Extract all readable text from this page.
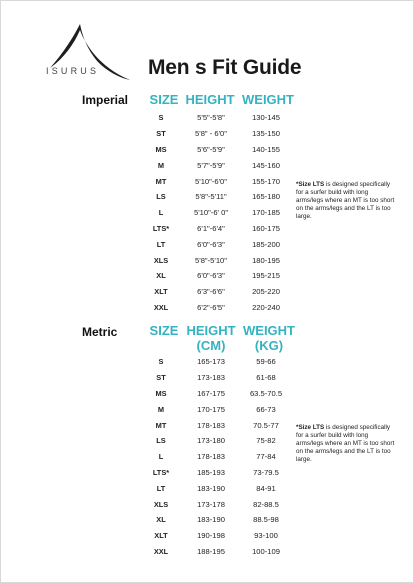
ISURUS Men s Fit Guide
Imperial SIZE HEIGHT WEIGHT
S	5'5"-5'8"	130-145
ST	5'8" - 6'0"	135-150
MS	5'6"-5'9"	140-155
M	5'7"-5'9"	145-160
MT	5'10"-6'0"	155-170
LS	5'8"-5'11"	165-180
L	5'10"-6' 0"	170-185
LTS*	6'1"-6'4"	160-175
LT	6'0"-6'3"	185-200
XLS	5'8"-5'10"	180-195
XL	6'0"-6'3"	195-215
XLT	6'3"-6'6"	205-220
XXL	6'2"-6'5"	220-240
*Size LTS is designed specifically for a surfer build with long arms/legs where an MT is too short on the arms/legs and the LT is too large.
Metric SIZE HEIGHT
(CM)
WEIGHT
(KG)
S	165-173	59-66
ST	173-183	61-68
MS	167-175	63.5-70.5
M	170-175	66-73
MT	178-183	70.5-77
LS	173-180	75-82
L	178-183	77-84
LTS*	185-193	73-79.5
LT	183-190	84-91
XLS	173-178	82-88.5
XL	183-190	88.5-98
XLT	190-198	93-100
XXL	188-195	100-109
*Size LTS is designed specifically for a surfer build with long arms/legs where an MT is too short on the arms/legs and the LT is too large.
